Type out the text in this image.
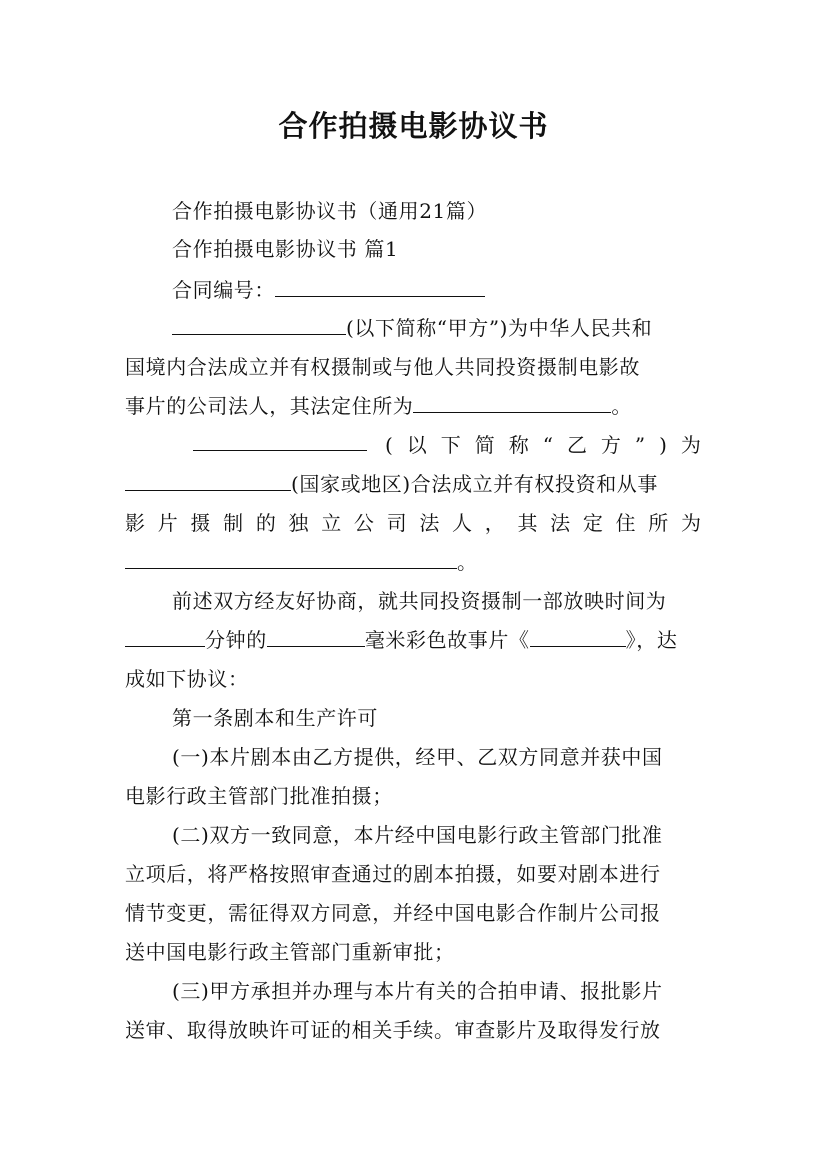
合作拍摄电影协议书
合作拍摄电影协议书（通用21篇）
合作拍摄电影协议书 篇1
合同编号：
(以下简称“甲方”)为中华人民共和
国境内合法成立并有权摄制或与他人共同投资摄制电影故
事片的公司法人，其法定住所为	。
( 以 下 简 称 “ 乙 方 ” ) 为
(国家或地区)合法成立并有权投资和从事
影 片 摄 制 的 独 立 公 司 法 人 ， 其 法 定 住 所 为
。
前述双方经友好协商，就共同投资摄制一部放映时间为
分钟的	毫米彩色故事片《	》，达
成如下协议：
第一条剧本和生产许可
(一)本片剧本由乙方提供，经甲、乙双方同意并获中国
电影行政主管部门批准拍摄；
(二)双方一致同意，本片经中国电影行政主管部门批准
立项后，将严格按照审查通过的剧本拍摄，如要对剧本进行
情节变更，需征得双方同意，并经中国电影合作制片公司报
送中国电影行政主管部门重新审批；
(三)甲方承担并办理与本片有关的合拍申请、报批影片
送审、取得放映许可证的相关手续。审查影片及取得发行放
